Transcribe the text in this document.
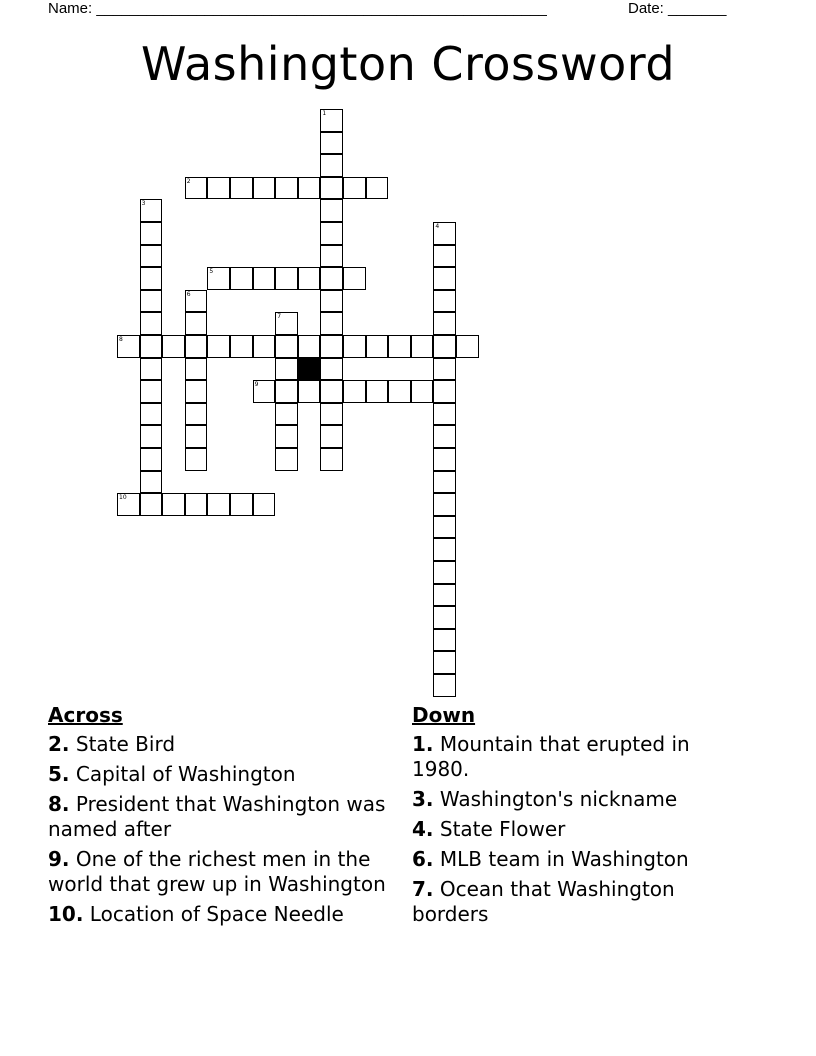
Name: ______________________________________________________	Date: _______
Washington Crossword
1
2
3
4
5
6
7
8
9
10
Across
2. State Bird
5. Capital of Washington
8. President that Washington was named after
9. One of the richest men in the world that grew up in Washington
10. Location of Space Needle
Down
1. Mountain that erupted in 1980.
3. Washington's nickname
4. State Flower
6. MLB team in Washington
7. Ocean that Washington borders
